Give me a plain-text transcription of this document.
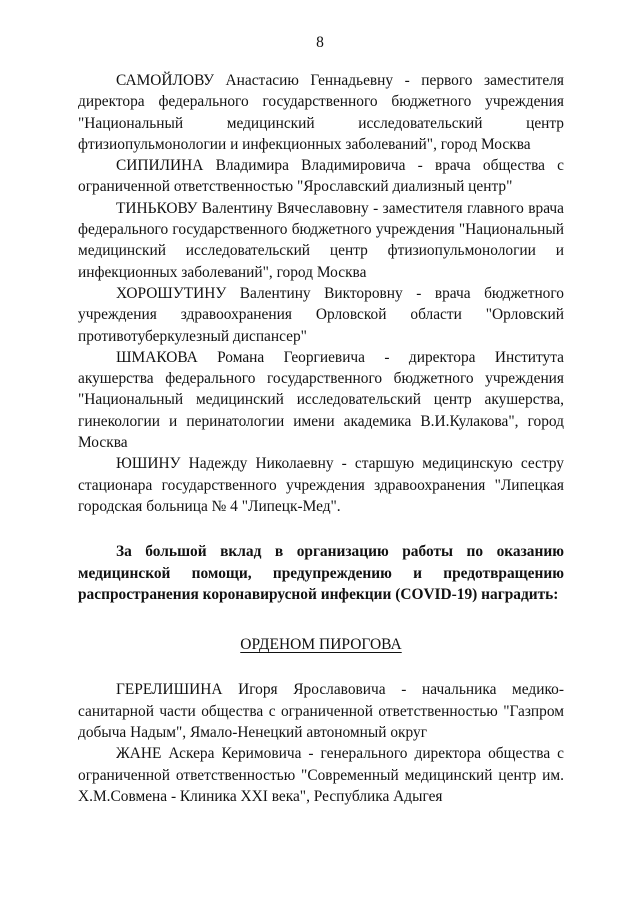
8

САМОЙЛОВУ Анастасию Геннадьевну - первого заместителя директора федерального государственного бюджетного учреждения "Национальный медицинский исследовательский центр фтизиопульмонологии и инфекционных заболеваний", город Москва

СИПИЛИНА Владимира Владимировича - врача общества с ограниченной ответственностью "Ярославский диализный центр"

ТИНЬКОВУ Валентину Вячеславовну - заместителя главного врача федерального государственного бюджетного учреждения "Национальный медицинский исследовательский центр фтизиопульмонологии и инфекционных заболеваний", город Москва

ХОРОШУТИНУ Валентину Викторовну - врача бюджетного учреждения здравоохранения Орловской области "Орловский противотуберкулезный диспансер"

ШМАКОВА Романа Георгиевича - директора Института акушерства федерального государственного бюджетного учреждения "Национальный медицинский исследовательский центр акушерства, гинекологии и перинатологии имени академика В.И.Кулакова", город Москва

ЮШИНУ Надежду Николаевну - старшую медицинскую сестру стационара государственного учреждения здравоохранения "Липецкая городская больница № 4 "Липецк-Мед".

За большой вклад в организацию работы по оказанию медицинской помощи, предупреждению и предотвращению распространения коронавирусной инфекции (COVID-19) наградить:

ОРДЕНОМ ПИРОГОВА

ГЕРЕЛИШИНА Игоря Ярославовича - начальника медико-санитарной части общества с ограниченной ответственностью "Газпром добыча Надым", Ямало-Ненецкий автономный округ

ЖАНЕ Аскера Керимовича - генерального директора общества с ограниченной ответственностью "Современный медицинский центр им. Х.М.Совмена - Клиника XXI века", Республика Адыгея
